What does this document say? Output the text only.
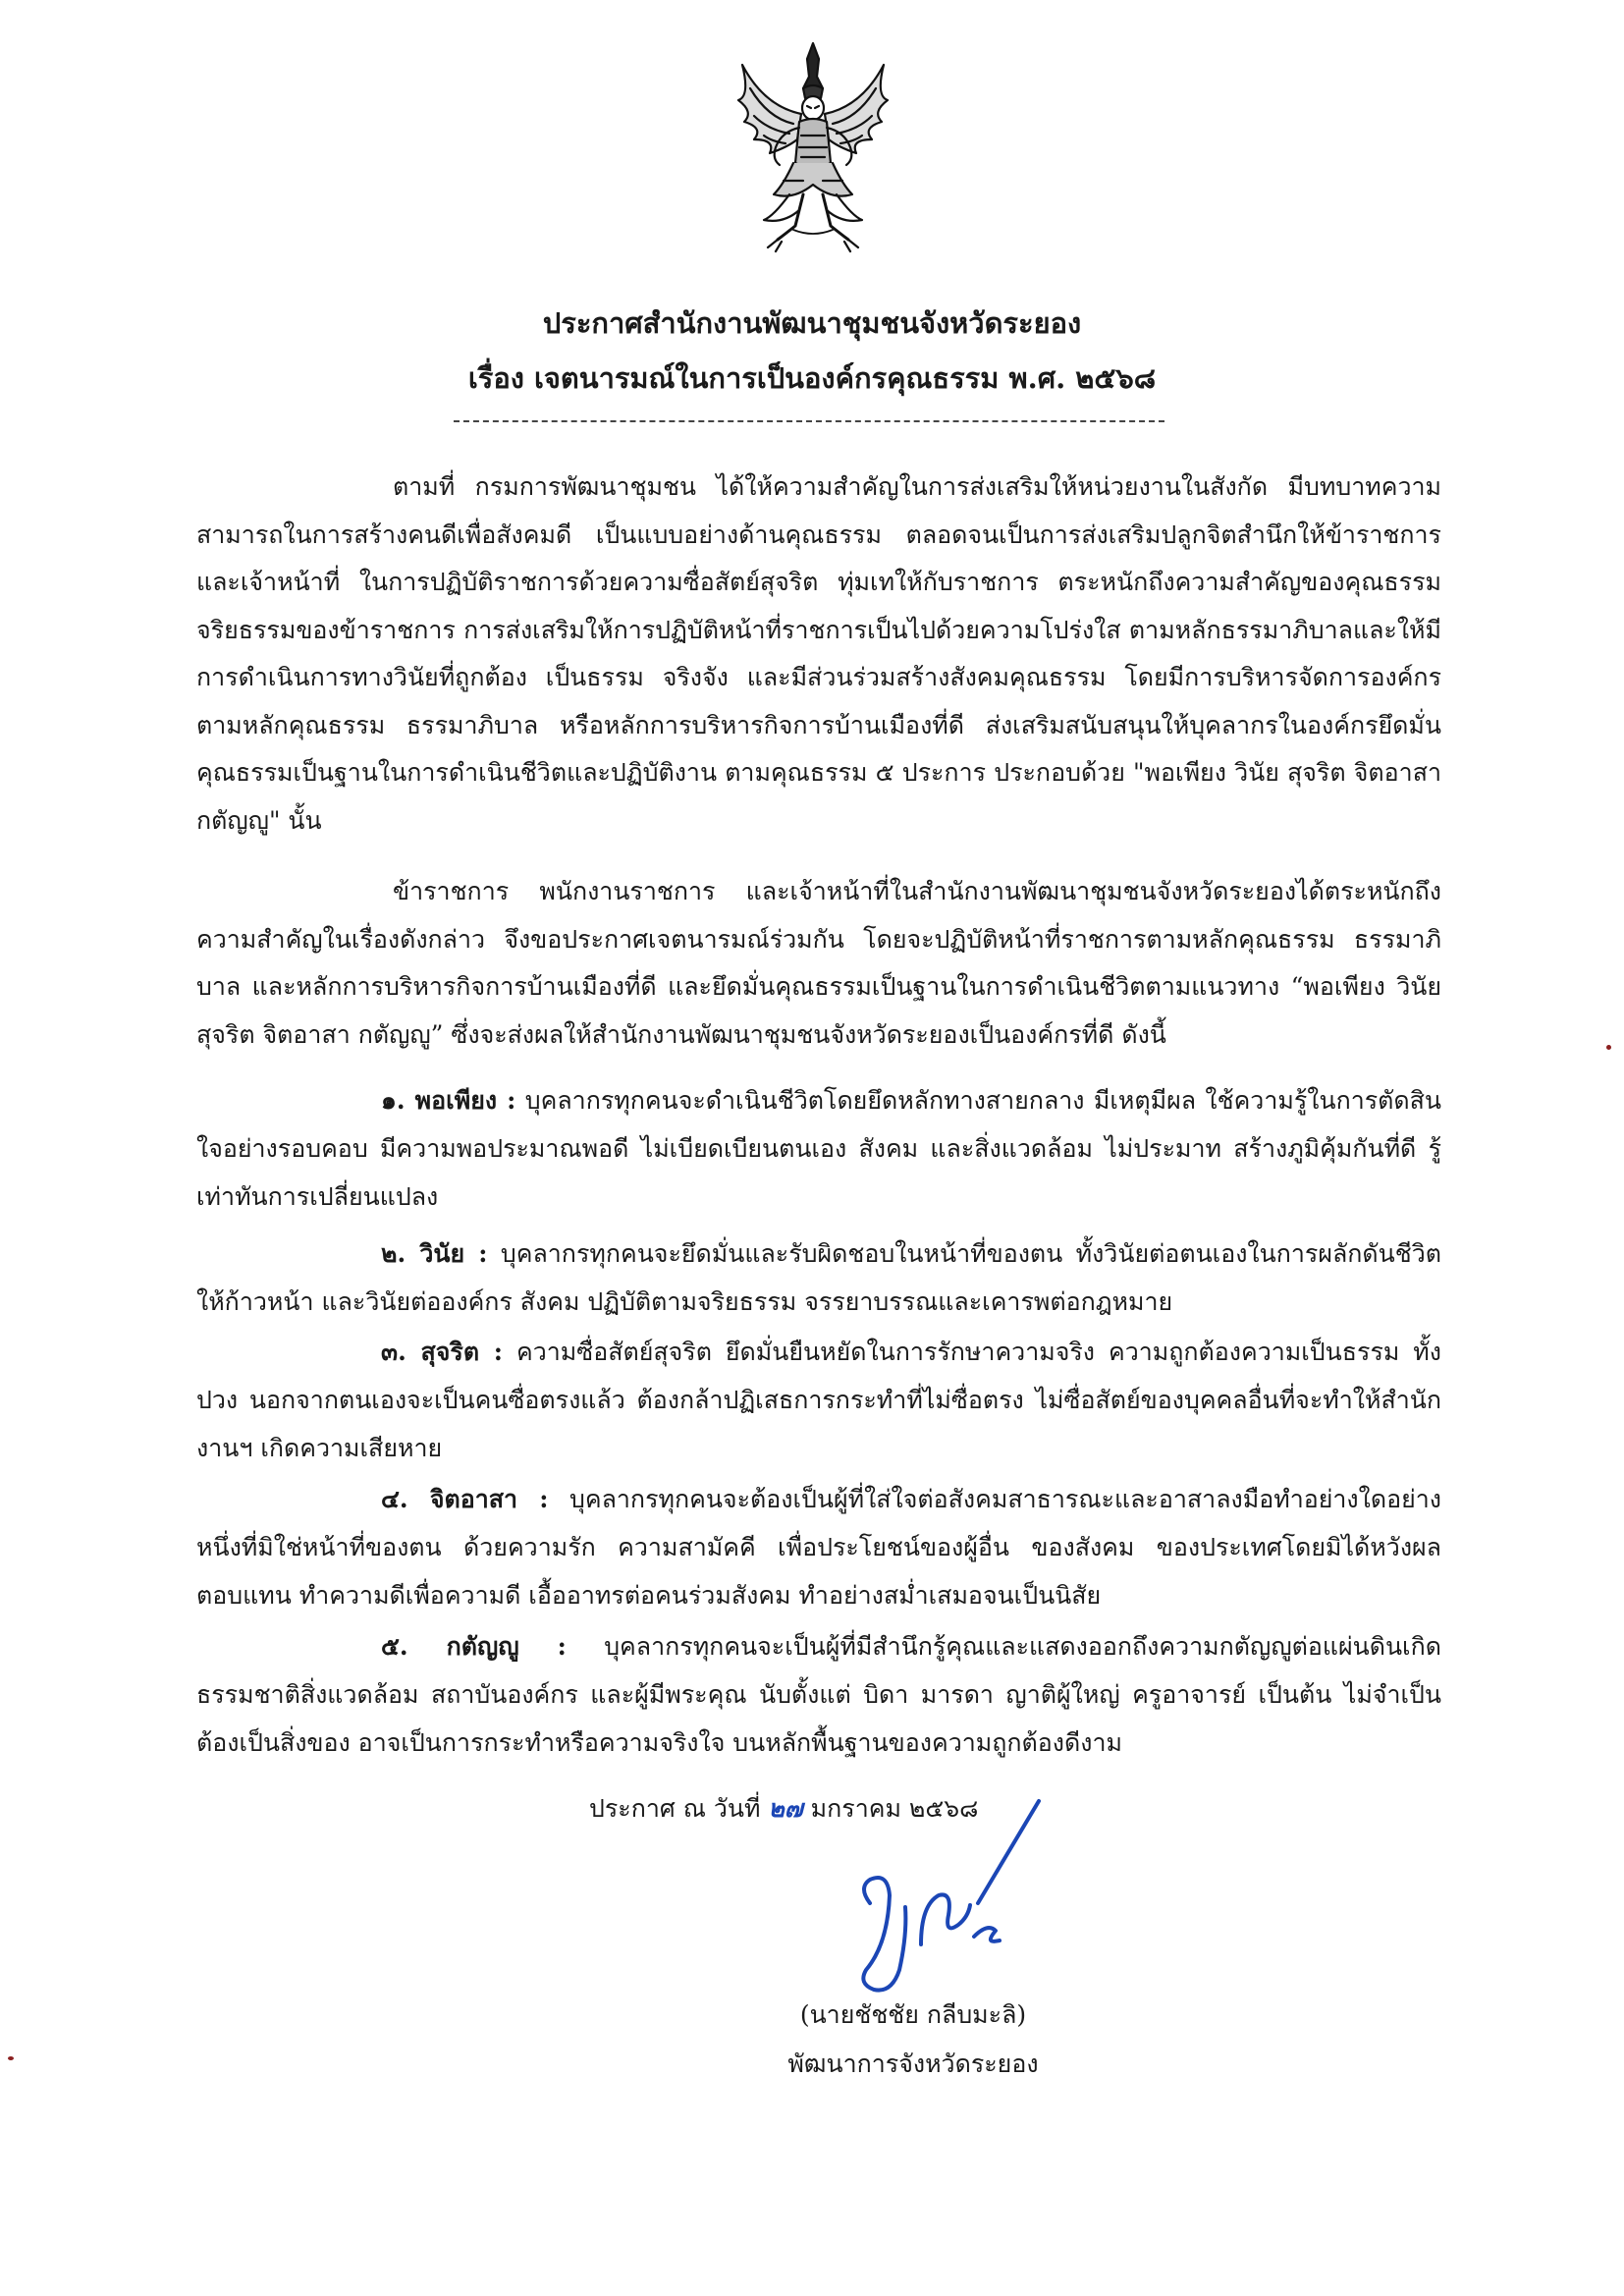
ประกาศสำนักงานพัฒนาชุมชนจังหวัดระยอง
เรื่อง เจตนารมณ์ในการเป็นองค์กรคุณธรรม พ.ศ. ๒๕๖๘
ตามที่ กรมการพัฒนาชุมชน ได้ให้ความสำคัญในการส่งเสริมให้หน่วยงานในสังกัด มีบทบาทความสามารถในการสร้างคนดีเพื่อสังคมดี เป็นแบบอย่างด้านคุณธรรม ตลอดจนเป็นการส่งเสริมปลูกจิตสำนึกให้ข้าราชการและเจ้าหน้าที่ ในการปฏิบัติราชการด้วยความซื่อสัตย์สุจริต ทุ่มเทให้กับราชการ ตระหนักถึงความสำคัญของคุณธรรม จริยธรรมของข้าราชการ การส่งเสริมให้การปฏิบัติหน้าที่ราชการเป็นไปด้วยความโปร่งใส ตามหลักธรรมาภิบาลและให้มีการดำเนินการทางวินัยที่ถูกต้อง เป็นธรรม จริงจัง และมีส่วนร่วมสร้างสังคมคุณธรรม โดยมีการบริหารจัดการองค์กรตามหลักคุณธรรม ธรรมาภิบาล หรือหลักการบริหารกิจการบ้านเมืองที่ดี ส่งเสริมสนับสนุนให้บุคลากรในองค์กรยึดมั่นคุณธรรมเป็นฐานในการดำเนินชีวิตและปฏิบัติงาน ตามคุณธรรม ๕ ประการ ประกอบด้วย "พอเพียง วินัย สุจริต จิตอาสา กตัญญู" นั้น
ข้าราชการ พนักงานราชการ และเจ้าหน้าที่ในสำนักงานพัฒนาชุมชนจังหวัดระยองได้ตระหนักถึงความสำคัญในเรื่องดังกล่าว จึงขอประกาศเจตนารมณ์ร่วมกัน โดยจะปฏิบัติหน้าที่ราชการตามหลักคุณธรรม ธรรมาภิบาล และหลักการบริหารกิจการบ้านเมืองที่ดี และยึดมั่นคุณธรรมเป็นฐานในการดำเนินชีวิตตามแนวทาง “พอเพียง วินัย สุจริต จิตอาสา กตัญญู” ซึ่งจะส่งผลให้สำนักงานพัฒนาชุมชนจังหวัดระยองเป็นองค์กรที่ดี ดังนี้
๑. พอเพียง : บุคลากรทุกคนจะดำเนินชีวิตโดยยึดหลักทางสายกลาง มีเหตุมีผล ใช้ความรู้ในการตัดสินใจอย่างรอบคอบ มีความพอประมาณพอดี ไม่เบียดเบียนตนเอง สังคม และสิ่งแวดล้อม ไม่ประมาท สร้างภูมิคุ้มกันที่ดี รู้เท่าทันการเปลี่ยนแปลง
๒. วินัย : บุคลากรทุกคนจะยึดมั่นและรับผิดชอบในหน้าที่ของตน ทั้งวินัยต่อตนเองในการผลักดันชีวิตให้ก้าวหน้า และวินัยต่อองค์กร สังคม ปฏิบัติตามจริยธรรม จรรยาบรรณและเคารพต่อกฎหมาย
๓. สุจริต : ความซื่อสัตย์สุจริต ยึดมั่นยืนหยัดในการรักษาความจริง ความถูกต้องความเป็นธรรม ทั้งปวง นอกจากตนเองจะเป็นคนซื่อตรงแล้ว ต้องกล้าปฏิเสธการกระทำที่ไม่ซื่อตรง ไม่ซื่อสัตย์ของบุคคลอื่นที่จะทำให้สำนักงานฯ เกิดความเสียหาย
๔. จิตอาสา : บุคลากรทุกคนจะต้องเป็นผู้ที่ใส่ใจต่อสังคมสาธารณะและอาสาลงมือทำอย่างใดอย่างหนึ่งที่มิใช่หน้าที่ของตน ด้วยความรัก ความสามัคคี เพื่อประโยชน์ของผู้อื่น ของสังคม ของประเทศโดยมิได้หวังผลตอบแทน ทำความดีเพื่อความดี เอื้ออาทรต่อคนร่วมสังคม ทำอย่างสม่ำเสมอจนเป็นนิสัย
๕. กตัญญู : บุคลากรทุกคนจะเป็นผู้ที่มีสำนึกรู้คุณและแสดงออกถึงความกตัญญูต่อแผ่นดินเกิด ธรรมชาติสิ่งแวดล้อม สถาบันองค์กร และผู้มีพระคุณ นับตั้งแต่ บิดา มารดา ญาติผู้ใหญ่ ครูอาจารย์ เป็นต้น ไม่จำเป็นต้องเป็นสิ่งของ อาจเป็นการกระทำหรือความจริงใจ บนหลักพื้นฐานของความถูกต้องดีงาม
ประกาศ ณ วันที่ ๒๗ มกราคม ๒๕๖๘
(นายชัชชัย กลีบมะลิ)
พัฒนาการจังหวัดระยอง
